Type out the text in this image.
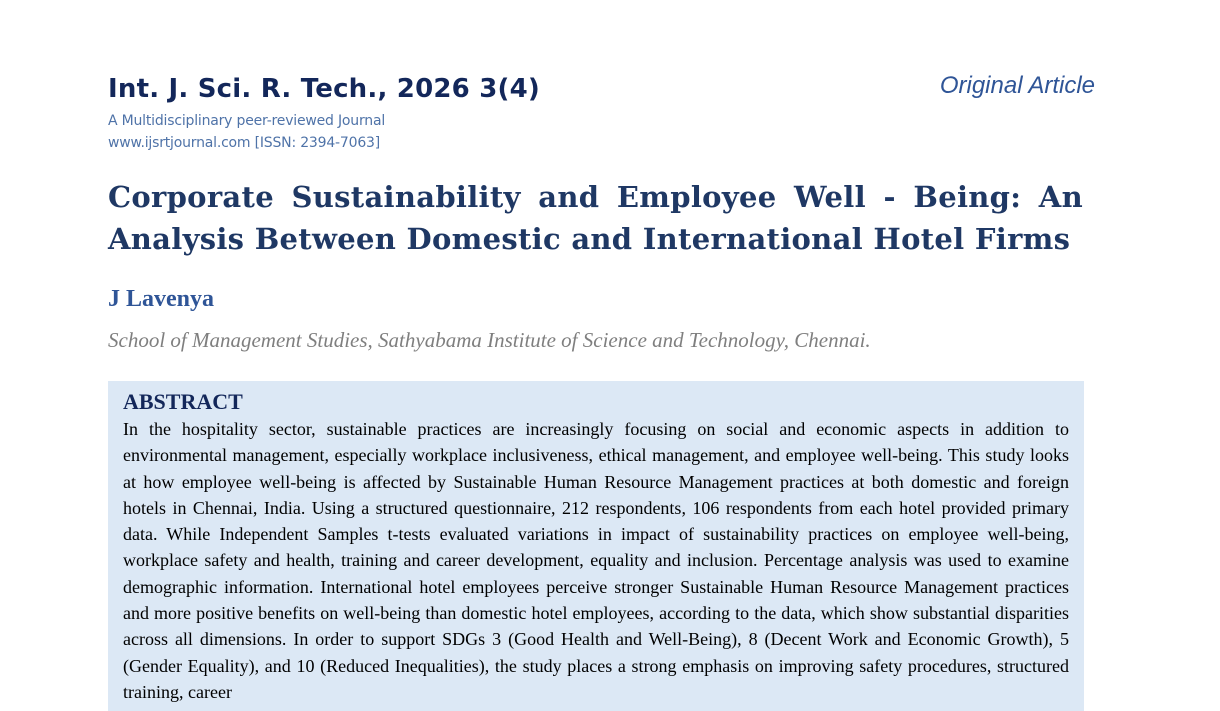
Int. J. Sci. R. Tech., 2026 3(4)
A Multidisciplinary peer-reviewed Journal
www.ijsrtjournal.com [ISSN: 2394-7063]
Original Article
Corporate Sustainability and Employee Well - Being: An Analysis Between Domestic and International Hotel Firms
J Lavenya

School of Management Studies, Sathyabama Institute of Science and Technology, Chennai.

ABSTRACT

In the hospitality sector, sustainable practices are increasingly focusing on social and economic aspects in addition to environmental management, especially workplace inclusiveness, ethical management, and employee well-being. This study looks at how employee well-being is affected by Sustainable Human Resource Management practices at both domestic and foreign hotels in Chennai, India. Using a structured questionnaire, 212 respondents, 106 respondents from each hotel provided primary data. While Independent Samples t-tests evaluated variations in impact of sustainability practices on employee well-being, workplace safety and health, training and career development, equality and inclusion. Percentage analysis was used to examine demographic information. International hotel employees perceive stronger Sustainable Human Resource Management practices and more positive benefits on well-being than domestic hotel employees, according to the data, which show substantial disparities across all dimensions. In order to support SDGs 3 (Good Health and Well-Being), 8 (Decent Work and Economic Growth), 5 (Gender Equality), and 10 (Reduced Inequalities), the study places a strong emphasis on improving safety procedures, structured training, career
